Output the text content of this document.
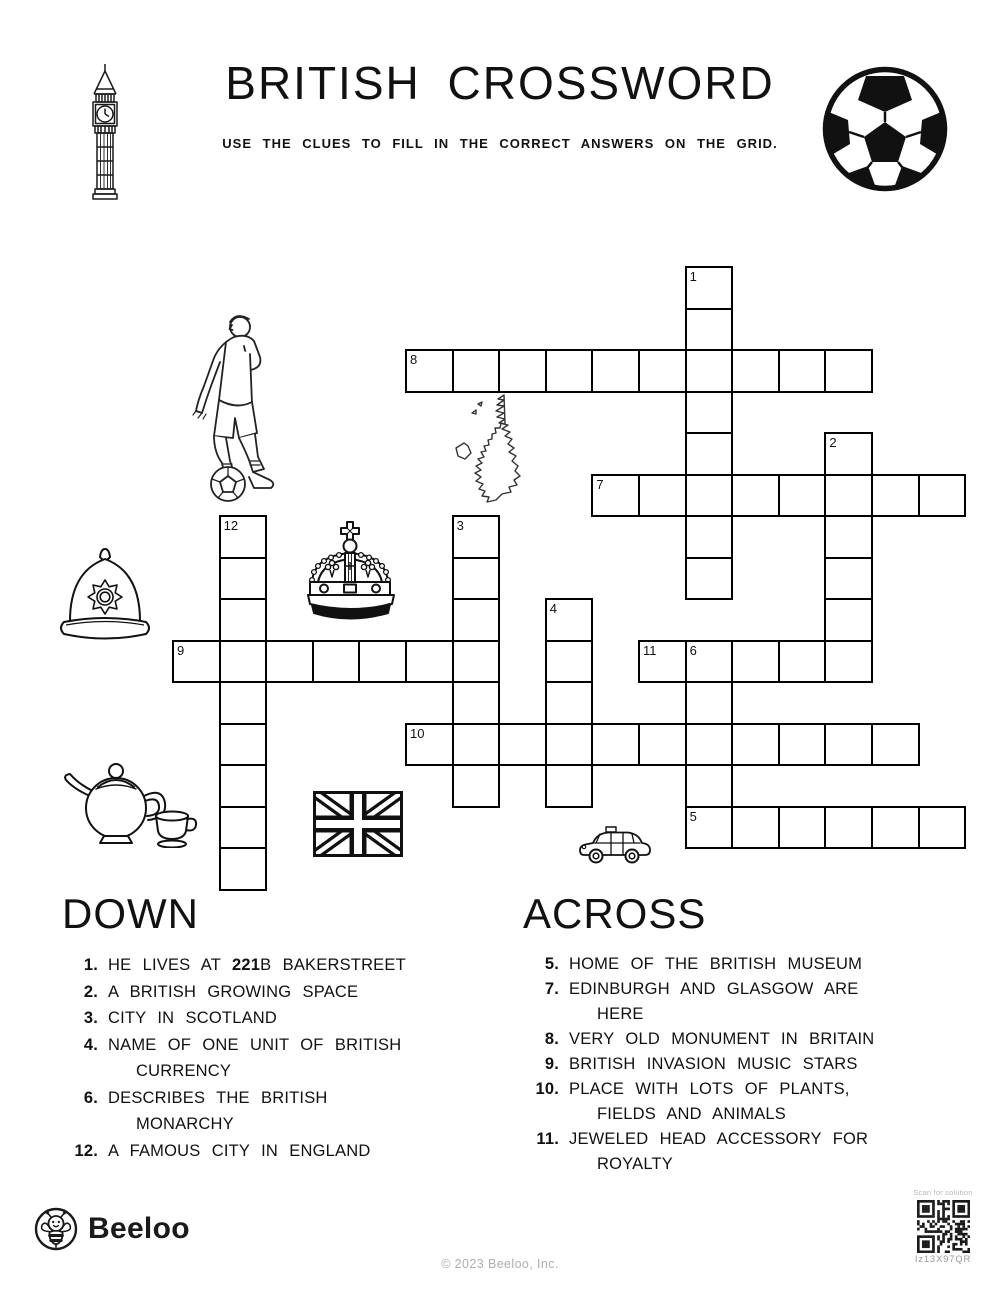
BRITISH CROSSWORD
USE THE CLUES TO FILL IN THE CORRECT ANSWERS ON THE GRID.
8
7
9	11	6
10
5
1
2
3
4
12
DOWN
1. HE LIVES AT 221B BAKERSTREET
2. A BRITISH GROWING SPACE
3. CITY IN SCOTLAND
4. NAME OF ONE UNIT OF BRITISH
CURRENCY
6. DESCRIBES THE BRITISH
MONARCHY
12. A FAMOUS CITY IN ENGLAND
ACROSS
5. HOME OF THE BRITISH MUSEUM
7. EDINBURGH AND GLASGOW ARE
HERE
8. VERY OLD MONUMENT IN BRITAIN
9. BRITISH INVASION MUSIC STARS
10. PLACE WITH LOTS OF PLANTS,
FIELDS AND ANIMALS
11. JEWELED HEAD ACCESSORY FOR
ROYALTY
Beeloo
© 2023 Beeloo, Inc.
Scan for solution
Iz13X97QR
